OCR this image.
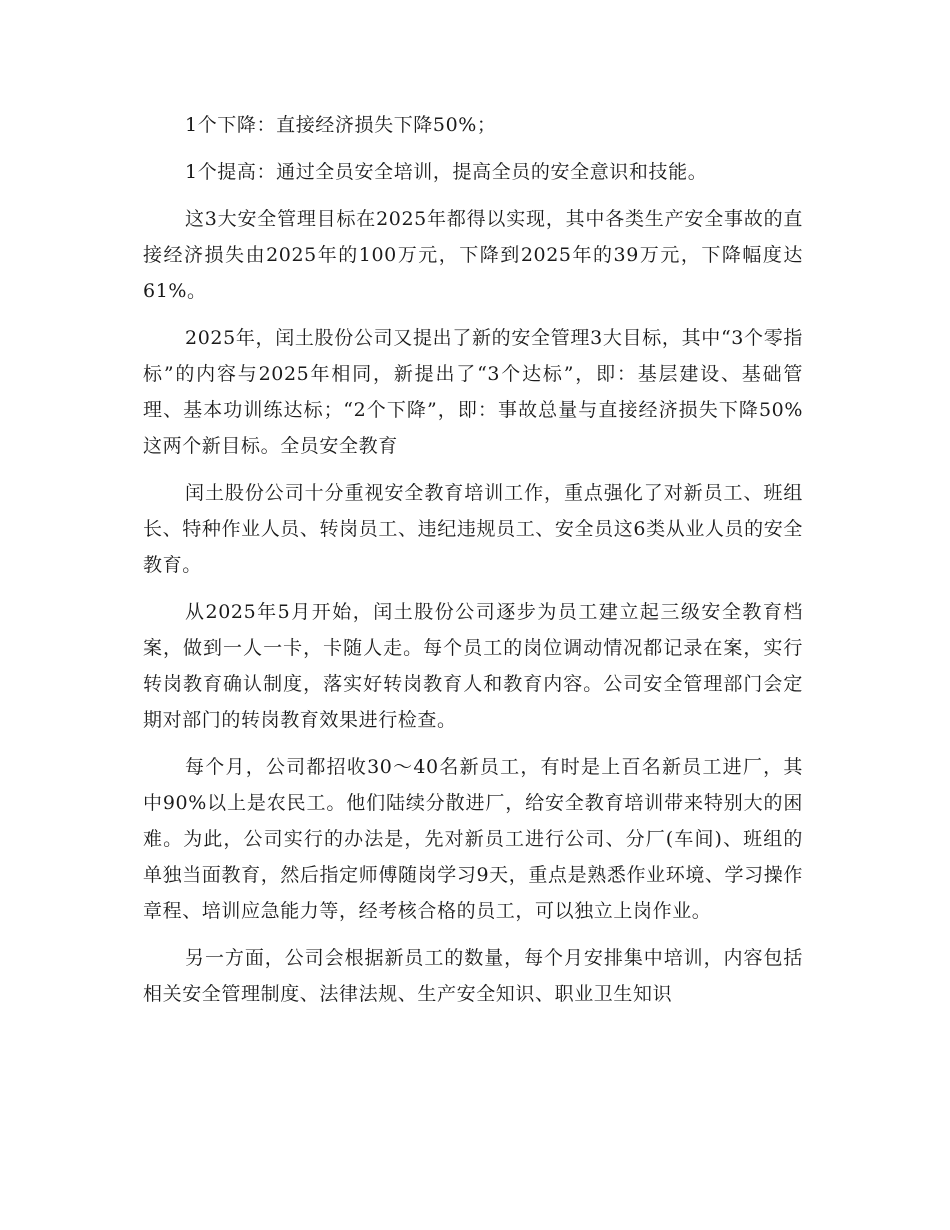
1个下降：直接经济损失下降50%；

1个提高：通过全员安全培训，提高全员的安全意识和技能。

这3大安全管理目标在2025年都得以实现，其中各类生产安全事故的直接经济损失由2025年的100万元，下降到2025年的39万元，下降幅度达61%。

2025年，闰土股份公司又提出了新的安全管理3大目标，其中“3个零指标”的内容与2025年相同，新提出了“3个达标”，即：基层建设、基础管理、基本功训练达标；“2个下降”，即：事故总量与直接经济损失下降50%这两个新目标。全员安全教育

闰土股份公司十分重视安全教育培训工作，重点强化了对新员工、班组长、特种作业人员、转岗员工、违纪违规员工、安全员这6类从业人员的安全教育。

从2025年5月开始，闰土股份公司逐步为员工建立起三级安全教育档案，做到一人一卡，卡随人走。每个员工的岗位调动情况都记录在案，实行转岗教育确认制度，落实好转岗教育人和教育内容。公司安全管理部门会定期对部门的转岗教育效果进行检查。

每个月，公司都招收30～40名新员工，有时是上百名新员工进厂，其中90%以上是农民工。他们陆续分散进厂，给安全教育培训带来特别大的困难。为此，公司实行的办法是，先对新员工进行公司、分厂(车间)、班组的单独当面教育，然后指定师傅随岗学习9天，重点是熟悉作业环境、学习操作章程、培训应急能力等，经考核合格的员工，可以独立上岗作业。

另一方面，公司会根据新员工的数量，每个月安排集中培训，内容包括相关安全管理制度、法律法规、生产安全知识、职业卫生知识
